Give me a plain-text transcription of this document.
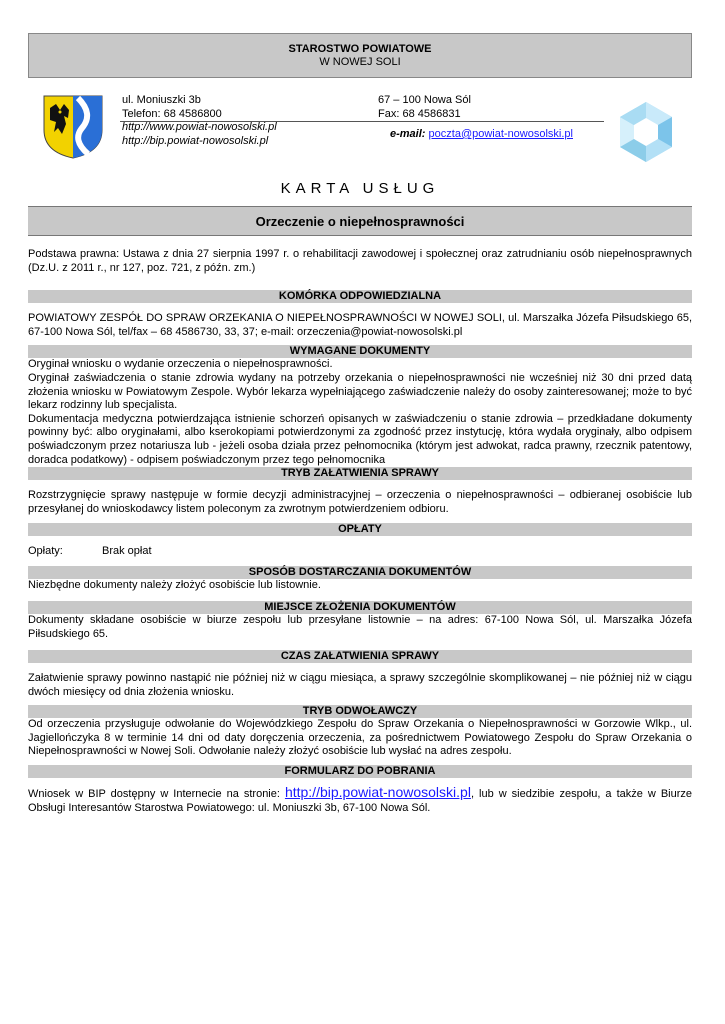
STAROSTWO POWIATOWE
W NOWEJ SOLI
ul. Moniuszki 3b
Telefon: 68 4586800
http://www.powiat-nowosolski.pl
http://bip.powiat-nowosolski.pl
67 – 100 Nowa Sól
Fax: 68 4586831
e-mail: poczta@powiat-nowosolski.pl
KARTA USŁUG
Orzeczenie o niepełnosprawności
Podstawa prawna: Ustawa z dnia 27 sierpnia 1997 r. o rehabilitacji zawodowej i społecznej oraz zatrudnianiu osób niepełnosprawnych (Dz.U. z 2011 r., nr 127, poz. 721, z późn. zm.)
KOMÓRKA ODPOWIEDZIALNA
POWIATOWY ZESPÓŁ DO SPRAW ORZEKANIA O NIEPEŁNOSPRAWNOŚCI W NOWEJ SOLI, ul. Marszałka Józefa Piłsudskiego 65, 67-100 Nowa Sól, tel/fax – 68 4586730, 33, 37; e-mail: orzeczenia@powiat-nowosolski.pl
WYMAGANE DOKUMENTY
Oryginał wniosku o wydanie orzeczenia o niepełnosprawności.
Oryginał zaświadczenia o stanie zdrowia wydany na potrzeby orzekania o niepełnosprawności nie wcześniej niż 30 dni przed datą złożenia wniosku w Powiatowym Zespole. Wybór lekarza wypełniającego zaświadczenie należy do osoby zainteresowanej; może to być lekarz rodzinny lub specjalista.
Dokumentacja medyczna potwierdzająca istnienie schorzeń opisanych w zaświadczeniu o stanie zdrowia – przedkładane dokumenty powinny być: albo oryginałami, albo kserokopiami potwierdzonymi za zgodność przez instytucję, która wydała oryginały, albo odpisem poświadczonym przez notariusza lub - jeżeli osoba działa przez pełnomocnika (którym jest adwokat, radca prawny, rzecznik patentowy, doradca podatkowy) - odpisem poświadczonym przez tego pełnomocnika
TRYB ZAŁATWIENIA SPRAWY
Rozstrzygnięcie sprawy następuje w formie decyzji administracyjnej – orzeczenia o niepełnosprawności – odbieranej osobiście lub przesyłanej do wnioskodawcy listem poleconym za zwrotnym potwierdzeniem odbioru.
OPŁATY
Opłaty:	Brak opłat
SPOSÓB DOSTARCZANIA DOKUMENTÓW
Niezbędne dokumenty należy złożyć osobiście lub listownie.
MIEJSCE ZŁOŻENIA DOKUMENTÓW
Dokumenty składane osobiście w biurze zespołu lub przesyłane listownie – na adres: 67-100 Nowa Sól, ul. Marszałka Józefa Piłsudskiego 65.
CZAS ZAŁATWIENIA SPRAWY
Załatwienie sprawy powinno nastąpić nie później niż w ciągu miesiąca, a sprawy szczególnie skomplikowanej – nie później niż w ciągu dwóch miesięcy od dnia złożenia wniosku.
TRYB ODWOŁAWCZY
Od orzeczenia przysługuje odwołanie do Wojewódzkiego Zespołu do Spraw Orzekania o Niepełnosprawności w Gorzowie Wlkp., ul. Jagiellończyka 8 w terminie 14 dni od daty doręczenia orzeczenia, za pośrednictwem Powiatowego Zespołu do Spraw Orzekania o Niepełnosprawności w Nowej Soli. Odwołanie należy złożyć osobiście lub wysłać na adres zespołu.
FORMULARZ DO POBRANIA
Wniosek w BIP dostępny w Internecie na stronie: http://bip.powiat-nowosolski.pl, lub w siedzibie zespołu, a także w Biurze Obsługi Interesantów Starostwa Powiatowego: ul. Moniuszki 3b, 67-100 Nowa Sól.
